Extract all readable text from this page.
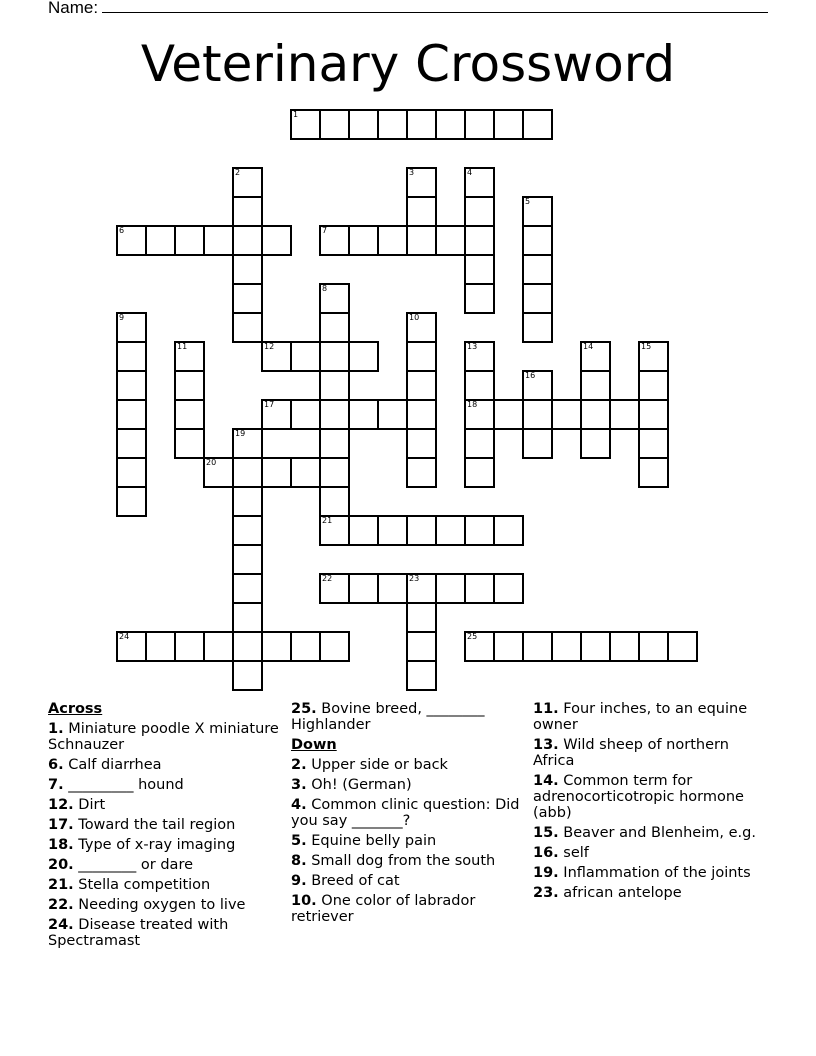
Name:
Veterinary Crossword
1
2	3	4
5
6	7
8
9	10
11	12	13
18
14	15
16
17
19
20
21
22	23
24	25
Across
1. Miniature poodle X miniature Schnauzer
6. Calf diarrhea
7. _________ hound
12. Dirt
17. Toward the tail region
18. Type of x-ray imaging
20. ________ or dare
21. Stella competition
22. Needing oxygen to live
24. Disease treated with Spectramast
25. Bovine breed, ________ Highlander
Down
2. Upper side or back
3. Oh! (German)
4. Common clinic question: Did you say _______?
5. Equine belly pain
8. Small dog from the south
9. Breed of cat
10. One color of labrador retriever
11. Four inches, to an equine owner
13. Wild sheep of northern Africa
14. Common term for adrenocorticotropic hormone (abb)
15. Beaver and Blenheim, e.g.
16. self
19. Inflammation of the joints
23. african antelope
